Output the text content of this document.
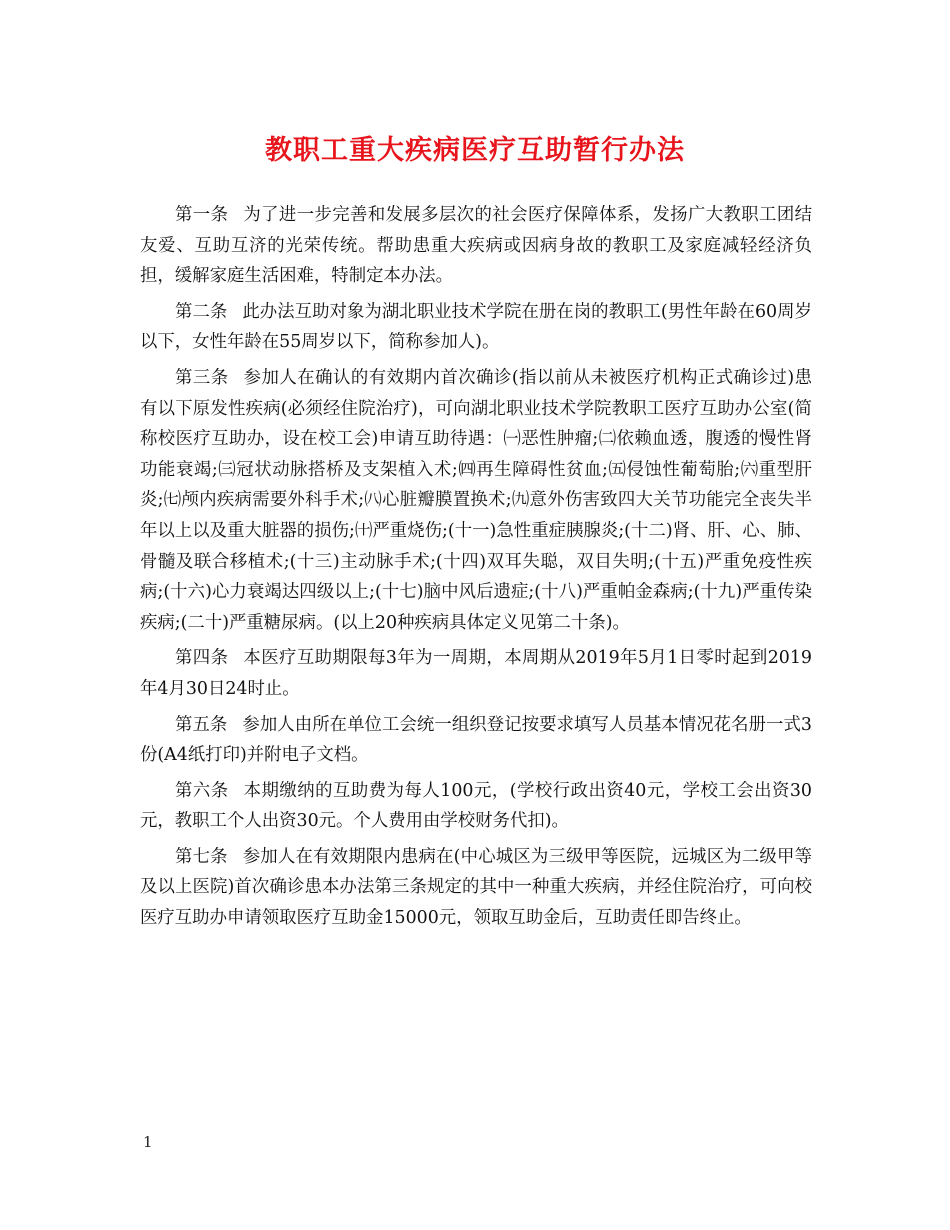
教职工重大疾病医疗互助暂行办法

第一条 为了进一步完善和发展多层次的社会医疗保障体系，发扬广大教职工团结友爱、互助互济的光荣传统。帮助患重大疾病或因病身故的教职工及家庭减轻经济负担，缓解家庭生活困难，特制定本办法。

第二条 此办法互助对象为湖北职业技术学院在册在岗的教职工(男性年龄在60周岁以下，女性年龄在55周岁以下，简称参加人)。

第三条 参加人在确认的有效期内首次确诊(指以前从未被医疗机构正式确诊过)患有以下原发性疾病(必须经住院治疗)，可向湖北职业技术学院教职工医疗互助办公室(简称校医疗互助办，设在校工会)申请互助待遇：㈠恶性肿瘤;㈡依赖血透，腹透的慢性肾功能衰竭;㈢冠状动脉搭桥及支架植入术;㈣再生障碍性贫血;㈤侵蚀性葡萄胎;㈥重型肝炎;㈦颅内疾病需要外科手术;㈧心脏瓣膜置换术;㈨意外伤害致四大关节功能完全丧失半年以上以及重大脏器的损伤;㈩严重烧伤;(十一)急性重症胰腺炎;(十二)肾、肝、心、肺、骨髓及联合移植术;(十三)主动脉手术;(十四)双耳失聪，双目失明;(十五)严重免疫性疾病;(十六)心力衰竭达四级以上;(十七)脑中风后遗症;(十八)严重帕金森病;(十九)严重传染疾病;(二十)严重糖尿病。(以上20种疾病具体定义见第二十条)。

第四条 本医疗互助期限每3年为一周期，本周期从2019年5月1日零时起到2019年4月30日24时止。

第五条 参加人由所在单位工会统一组织登记按要求填写人员基本情况花名册一式3份(A4纸打印)并附电子文档。

第六条 本期缴纳的互助费为每人100元，(学校行政出资40元，学校工会出资30元，教职工个人出资30元。个人费用由学校财务代扣)。

第七条 参加人在有效期限内患病在(中心城区为三级甲等医院，远城区为二级甲等及以上医院)首次确诊患本办法第三条规定的其中一种重大疾病，并经住院治疗，可向校医疗互助办申请领取医疗互助金15000元，领取互助金后，互助责任即告终止。

1
